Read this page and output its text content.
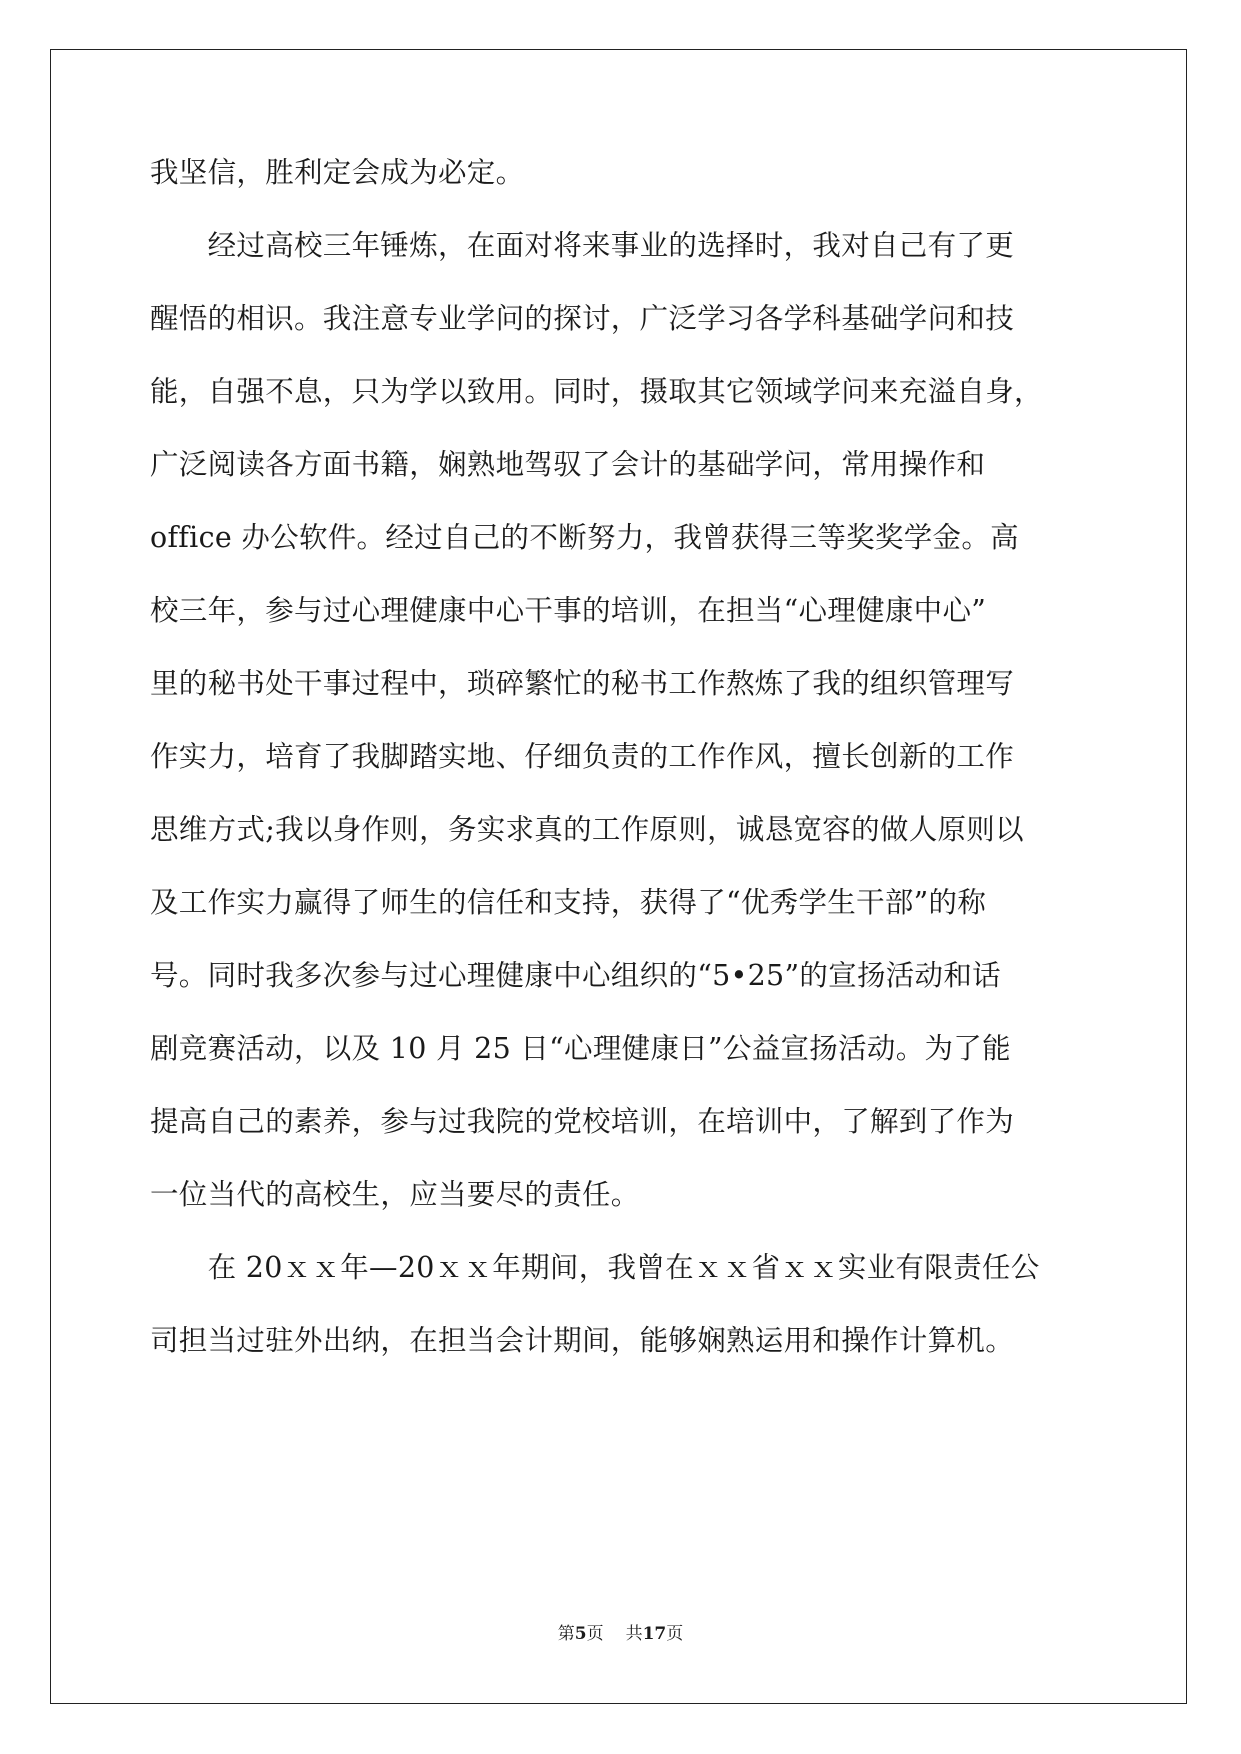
我坚信，胜利定会成为必定。
　　经过高校三年锤炼，在面对将来事业的选择时，我对自己有了更
醒悟的相识。我注意专业学问的探讨，广泛学习各学科基础学问和技
能，自强不息，只为学以致用。同时，摄取其它领域学问来充溢自身，
广泛阅读各方面书籍，娴熟地驾驭了会计的基础学问，常用操作和
office 办公软件。经过自己的不断努力，我曾获得三等奖奖学金。高
校三年，参与过心理健康中心干事的培训，在担当“心理健康中心”
里的秘书处干事过程中，琐碎繁忙的秘书工作熬炼了我的组织管理写
作实力，培育了我脚踏实地、仔细负责的工作作风，擅长创新的工作
思维方式;我以身作则，务实求真的工作原则，诚恳宽容的做人原则以
及工作实力赢得了师生的信任和支持，获得了“优秀学生干部”的称
号。同时我多次参与过心理健康中心组织的“5•25”的宣扬活动和话
剧竞赛活动，以及 10 月 25 日“心理健康日”公益宣扬活动。为了能
提高自己的素养，参与过我院的党校培训，在培训中，了解到了作为
一位当代的高校生，应当要尽的责任。
　　在 20ｘｘ年—20ｘｘ年期间，我曾在ｘｘ省ｘｘ实业有限责任公
司担当过驻外出纳，在担当会计期间，能够娴熟运用和操作计算机。
第5页 共17页
